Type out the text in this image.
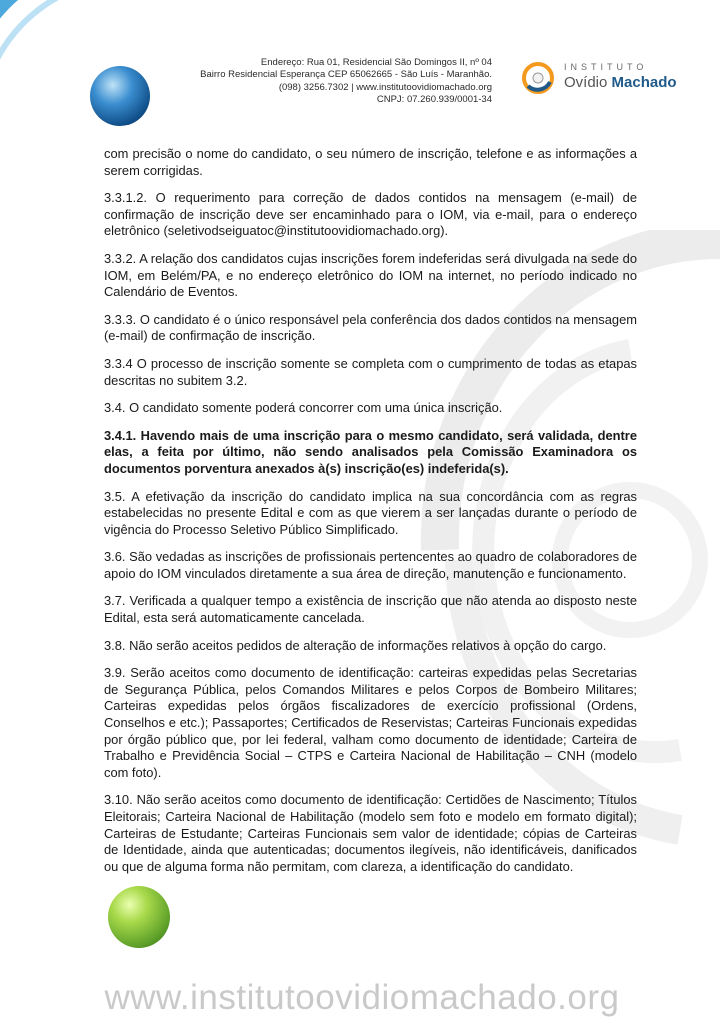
Endereço: Rua 01, Residencial São Domingos II, nº 04
Bairro Residencial Esperança CEP 65062665 - São Luís - Maranhão.
(098) 3256.7302 | www.institutoovidiomachado.org
CNPJ: 07.260.939/0001-34
INSTITUTO
Ovídio Machado

com precisão o nome do candidato, o seu número de inscrição, telefone e as informações a serem corrigidas.

3.3.1.2. O requerimento para correção de dados contidos na mensagem (e-mail) de confirmação de inscrição deve ser encaminhado para o IOM, via e-mail, para o endereço eletrônico (seletivodseiguatoc@institutoovidiomachado.org).

3.3.2. A relação dos candidatos cujas inscrições forem indeferidas será divulgada na sede do IOM, em Belém/PA, e no endereço eletrônico do IOM na internet, no período indicado no Calendário de Eventos.

3.3.3. O candidato é o único responsável pela conferência dos dados contidos na mensagem (e-mail) de confirmação de inscrição.

3.3.4 O processo de inscrição somente se completa com o cumprimento de todas as etapas descritas no subitem 3.2.

3.4. O candidato somente poderá concorrer com uma única inscrição.

3.4.1. Havendo mais de uma inscrição para o mesmo candidato, será validada, dentre elas, a feita por último, não sendo analisados pela Comissão Examinadora os documentos porventura anexados à(s) inscrição(es) indeferida(s).

3.5. A efetivação da inscrição do candidato implica na sua concordância com as regras estabelecidas no presente Edital e com as que vierem a ser lançadas durante o período de vigência do Processo Seletivo Público Simplificado.

3.6. São vedadas as inscrições de profissionais pertencentes ao quadro de colaboradores de apoio do IOM vinculados diretamente a sua área de direção, manutenção e funcionamento.

3.7. Verificada a qualquer tempo a existência de inscrição que não atenda ao disposto neste Edital, esta será automaticamente cancelada.

3.8. Não serão aceitos pedidos de alteração de informações relativos à opção do cargo.

3.9. Serão aceitos como documento de identificação: carteiras expedidas pelas Secretarias de Segurança Pública, pelos Comandos Militares e pelos Corpos de Bombeiro Militares; Carteiras expedidas pelos órgãos fiscalizadores de exercício profissional (Ordens, Conselhos e etc.); Passaportes; Certificados de Reservistas; Carteiras Funcionais expedidas por órgão público que, por lei federal, valham como documento de identidade; Carteira de Trabalho e Previdência Social – CTPS e Carteira Nacional de Habilitação – CNH (modelo com foto).

3.10. Não serão aceitos como documento de identificação: Certidões de Nascimento; Títulos Eleitorais; Carteira Nacional de Habilitação (modelo sem foto e modelo em formato digital); Carteiras de Estudante; Carteiras Funcionais sem valor de identidade; cópias de Carteiras de Identidade, ainda que autenticadas; documentos ilegíveis, não identificáveis, danificados ou que de alguma forma não permitam, com clareza, a identificação do candidato.

www.institutoovidiomachado.org
